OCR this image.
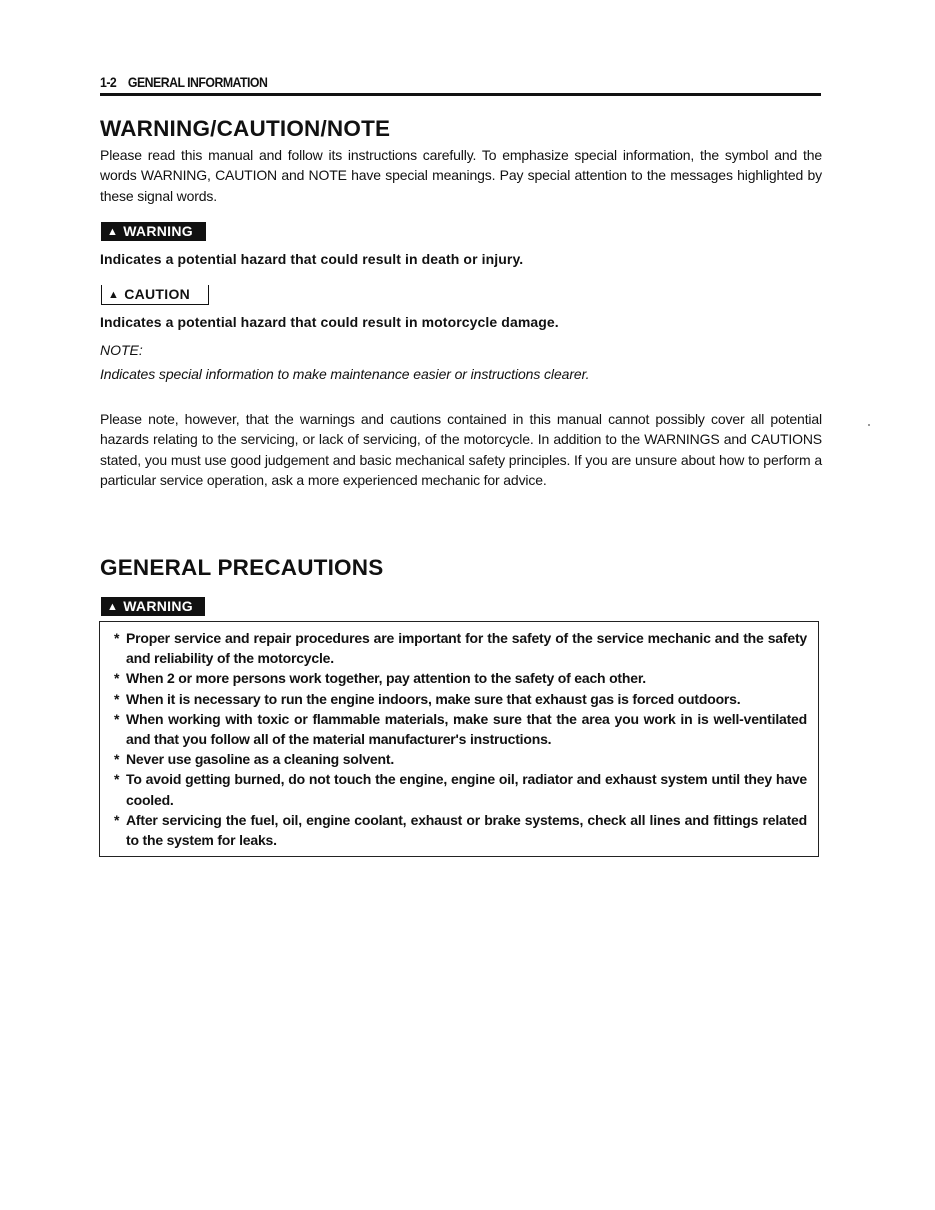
1-2 GENERAL INFORMATION
WARNING/CAUTION/NOTE

Please read this manual and follow its instructions carefully. To emphasize special information, the symbol and the words WARNING, CAUTION and NOTE have special meanings. Pay special attention to the messages highlighted by these signal words.

▲ WARNING

Indicates a potential hazard that could result in death or injury.

▲ CAUTION

Indicates a potential hazard that could result in motorcycle damage.

NOTE:

Indicates special information to make maintenance easier or instructions clearer.

Please note, however, that the warnings and cautions contained in this manual cannot possibly cover all potential hazards relating to the servicing, or lack of servicing, of the motorcycle. In addition to the WARNINGS and CAUTIONS stated, you must use good judgement and basic mechanical safety principles. If you are unsure about how to perform a particular service operation, ask a more experienced mechanic for advice.

GENERAL PRECAUTIONS
▲ WARNING
* Proper service and repair procedures are important for the safety of the service mechanic and the safety and reliability of the motorcycle.
* When 2 or more persons work together, pay attention to the safety of each other.
* When it is necessary to run the engine indoors, make sure that exhaust gas is forced outdoors.
* When working with toxic or flammable materials, make sure that the area you work in is well-ventilated and that you follow all of the material manufacturer's instructions.
* Never use gasoline as a cleaning solvent.
* To avoid getting burned, do not touch the engine, engine oil, radiator and exhaust system until they have cooled.
* After servicing the fuel, oil, engine coolant, exhaust or brake systems, check all lines and fittings related to the system for leaks.
